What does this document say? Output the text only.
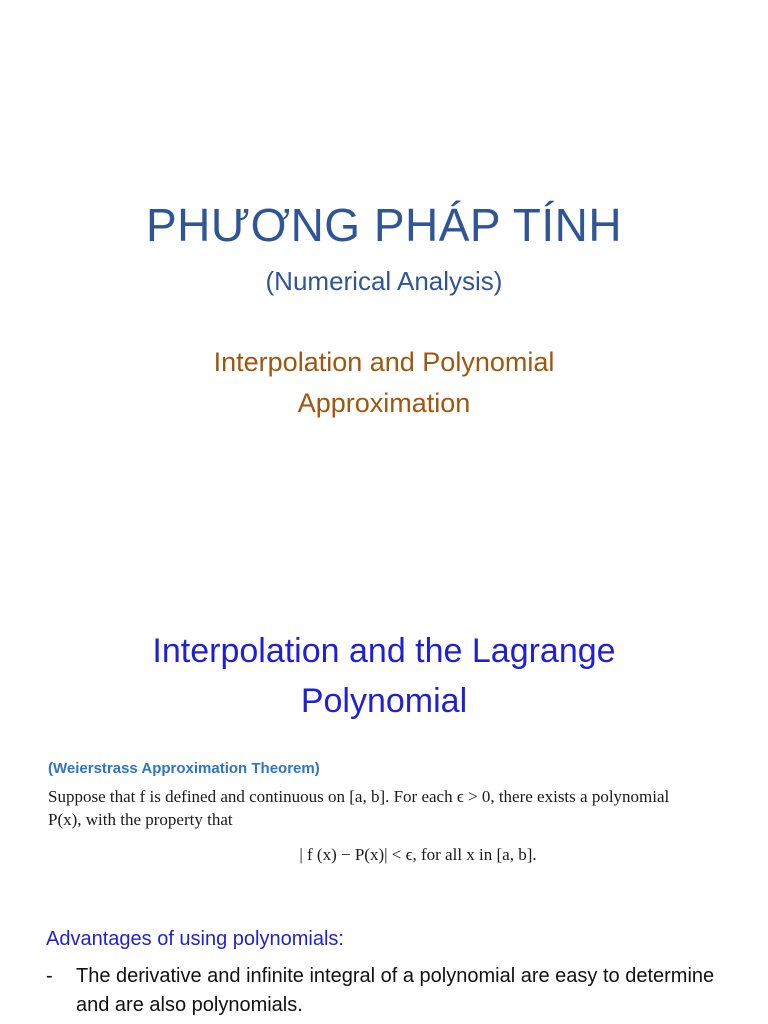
PHƯƠNG PHÁP TÍNH
(Numerical Analysis)
Interpolation and Polynomial
Approximation
Interpolation and the Lagrange
Polynomial
(Weierstrass Approximation Theorem)
Suppose that f is defined and continuous on [a, b]. For each ϵ > 0, there exists a polynomial
P(x), with the property that
| f (x) − P(x)| < ϵ, for all x in [a, b].
Advantages of using polynomials:
-	The derivative and infinite integral of a polynomial are easy to determine and are also polynomials.
